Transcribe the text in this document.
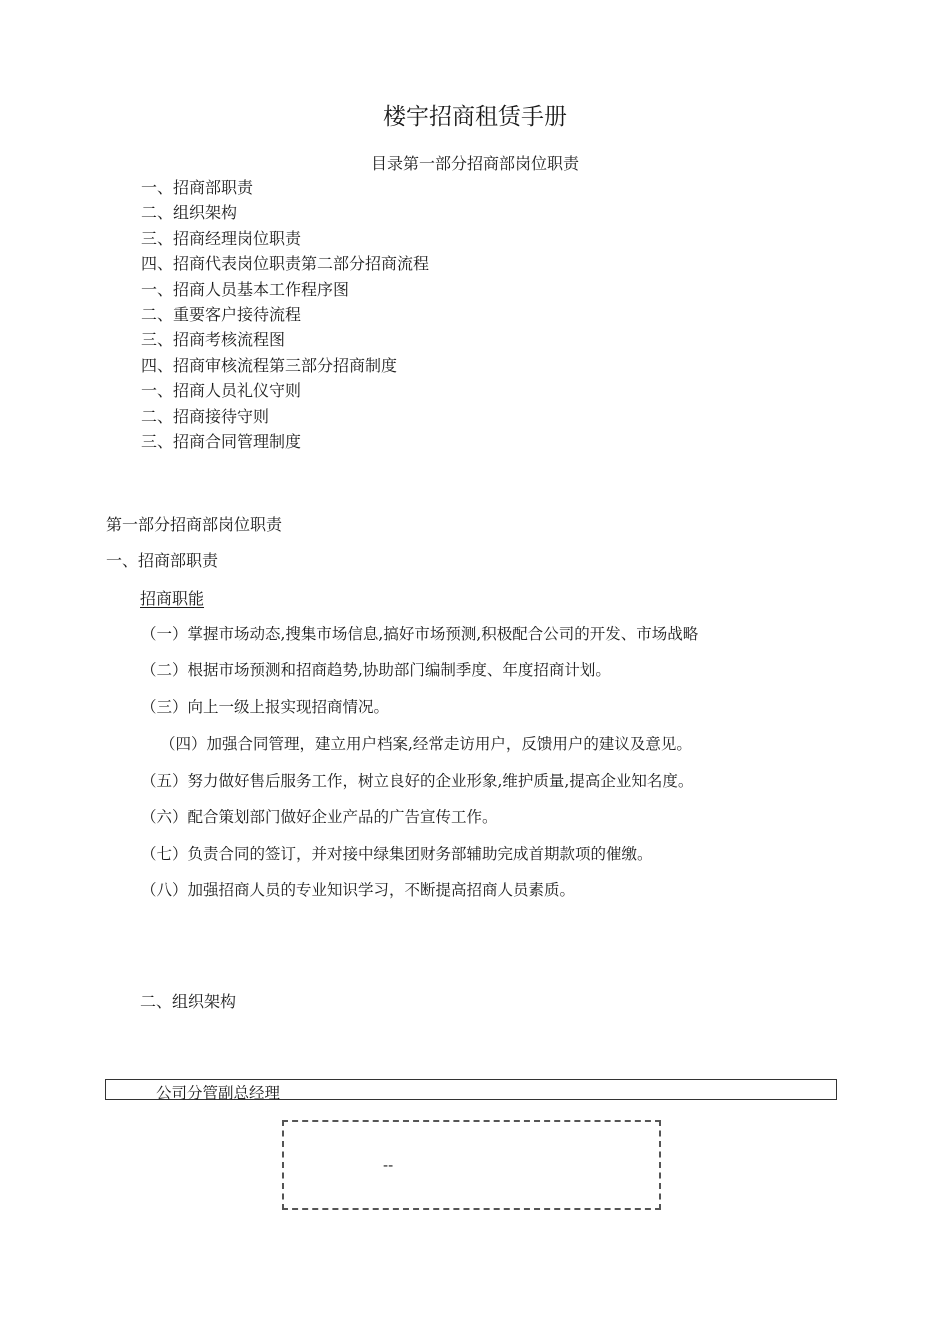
楼宇招商租赁手册
目录第一部分招商部岗位职责
一、招商部职责
二、组织架构
三、招商经理岗位职责
四、招商代表岗位职责第二部分招商流程
一、招商人员基本工作程序图
二、重要客户接待流程
三、招商考核流程图
四、招商审核流程第三部分招商制度
一、招商人员礼仪守则
二、招商接待守则
三、招商合同管理制度
第一部分招商部岗位职责
一、招商部职责
招商职能
（一）掌握市场动态,搜集市场信息,搞好市场预测,积极配合公司的开发、市场战略
（二）根据市场预测和招商趋势,协助部门编制季度、年度招商计划。
（三）向上一级上报实现招商情况。
（四）加强合同管理，建立用户档案,经常走访用户，反馈用户的建议及意见。
（五）努力做好售后服务工作，树立良好的企业形象,维护质量,提高企业知名度。
（六）配合策划部门做好企业产品的广告宣传工作。
（七）负责合同的签订，并对接中绿集团财务部辅助完成首期款项的催缴。
（八）加强招商人员的专业知识学习，不断提高招商人员素质。
二、组织架构
公司分管副总经理
--
